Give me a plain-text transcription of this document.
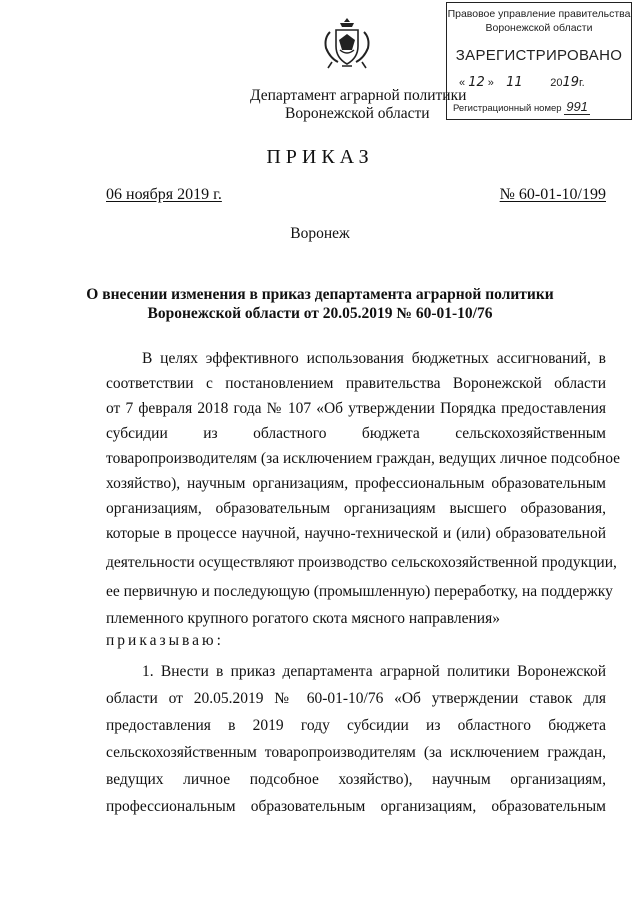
Правовое управление правительства
Воронежской области
ЗАРЕГИСТРИРОВАНО
« 12 » 11	2019г.
Регистрационный номер 991
Департамент аграрной политики
Воронежской области
ПРИКАЗ
06 ноября 2019 г.	№ 60-01-10/199
Воронеж
О внесении изменения в приказ департамента аграрной политики
Воронежской области от 20.05.2019 № 60-01-10/76
В целях эффективного использования бюджетных ассигнований, в
соответствии с постановлением правительства Воронежской области
от 7 февраля 2018 года № 107 «Об утверждении Порядка предоставления
субсидии из областного бюджета сельскохозяйственным
товаропроизводителям (за исключением граждан, ведущих личное подсобное
хозяйство), научным организациям, профессиональным образовательным
организациям, образовательным организациям высшего образования,
которые в процессе научной, научно-технической и (или) образовательной
деятельности осуществляют производство сельскохозяйственной продукции,
ее первичную и последующую (промышленную) переработку, на поддержку
племенного крупного рогатого скота мясного направления»
приказываю:
1. Внести в приказ департамента аграрной политики Воронежской
области от 20.05.2019 № 60-01-10/76 «Об утверждении ставок для
предоставления в 2019 году субсидии из областного бюджета
сельскохозяйственным товаропроизводителям (за исключением граждан,
ведущих личное подсобное хозяйство), научным организациям,
профессиональным образовательным организациям, образовательным
